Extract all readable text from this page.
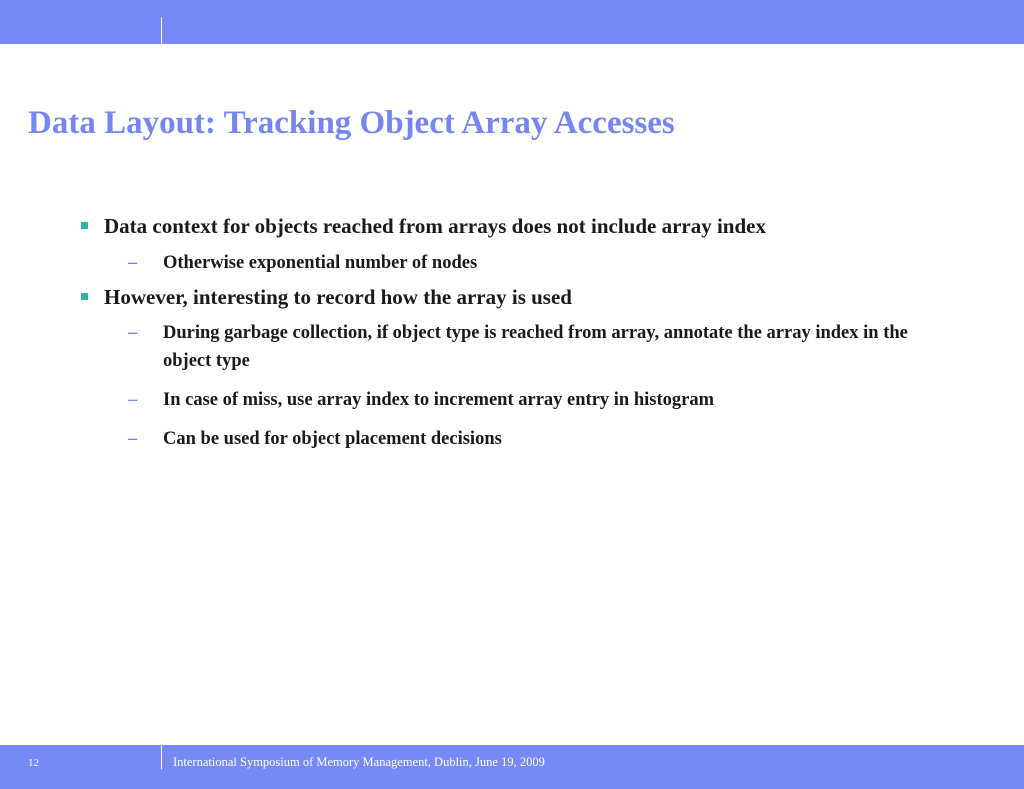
Data Layout: Tracking Object Array Accesses
Data context for objects reached from arrays does not include array index
– Otherwise exponential number of nodes
However, interesting to record how the array is used
– During garbage collection, if object type is reached from array, annotate the array index in the object type
– In case of miss, use array index to increment array entry in histogram
– Can be used for object placement decisions
12	International Symposium of Memory Management, Dublin, June 19, 2009
